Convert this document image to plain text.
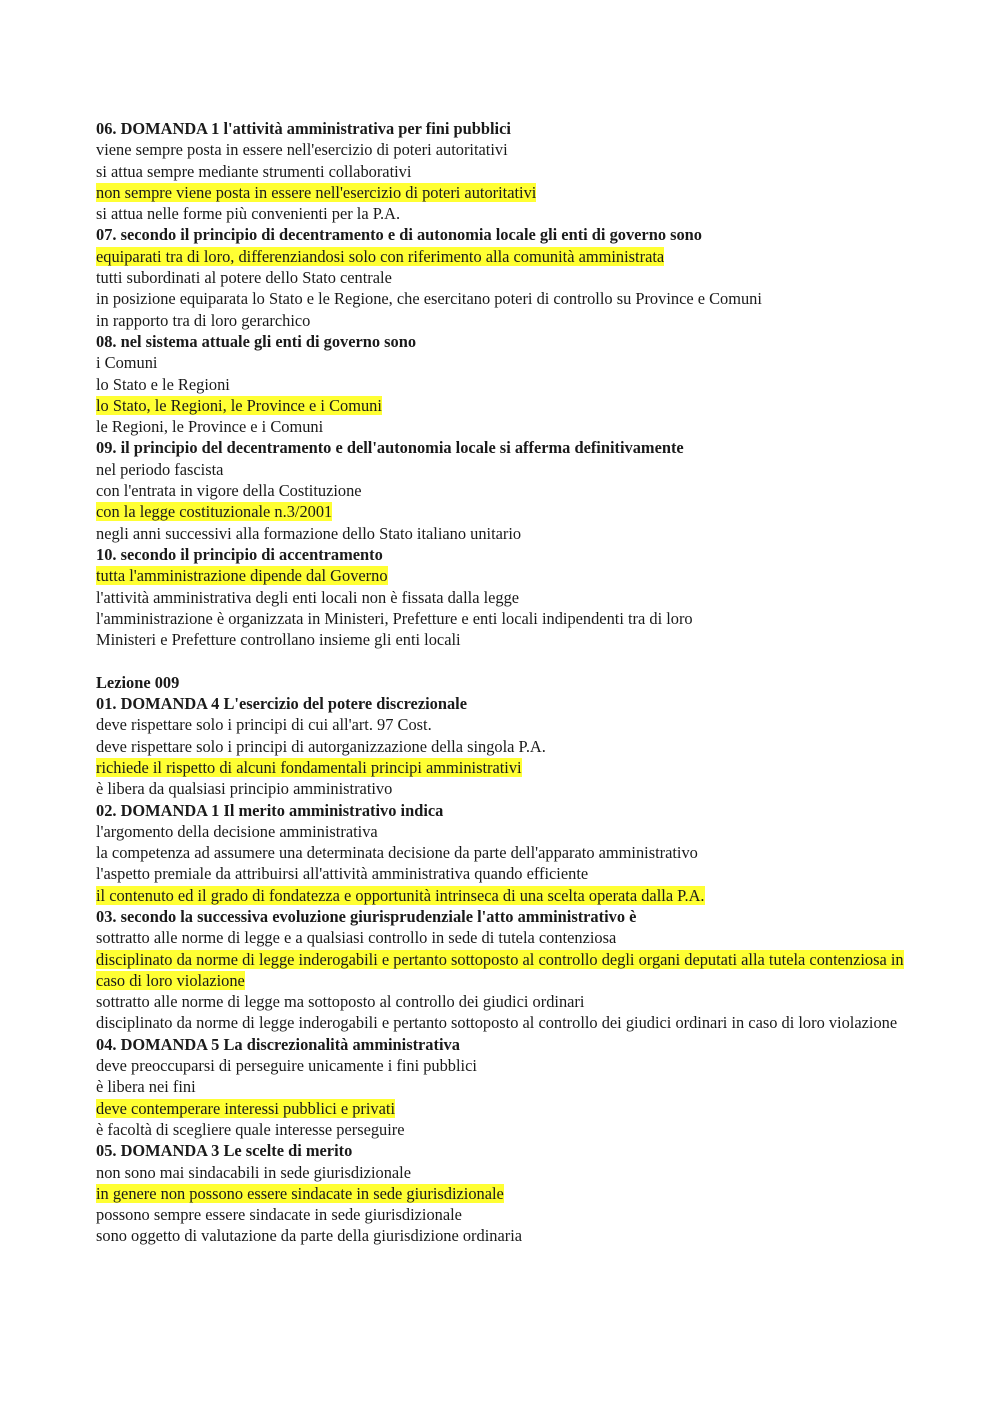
06. DOMANDA 1 l'attività amministrativa per fini pubblici
viene sempre posta in essere nell'esercizio di poteri autoritativi
si attua sempre mediante strumenti collaborativi
non sempre viene posta in essere nell'esercizio di poteri autoritativi
si attua nelle forme più convenienti per la P.A.
07. secondo il principio di decentramento e di autonomia locale gli enti di governo sono
equiparati tra di loro, differenziandosi solo con riferimento alla comunità amministrata
tutti subordinati al potere dello Stato centrale
in posizione equiparata lo Stato e le Regione, che esercitano poteri di controllo su Province e Comuni
in rapporto tra di loro gerarchico
08. nel sistema attuale gli enti di governo sono
i Comuni
lo Stato e le Regioni
lo Stato, le Regioni, le Province e i Comuni
le Regioni, le Province e i Comuni
09. il principio del decentramento e dell'autonomia locale si afferma definitivamente
nel periodo fascista
con l'entrata in vigore della Costituzione
con la legge costituzionale n.3/2001
negli anni successivi alla formazione dello Stato italiano unitario
10. secondo il principio di accentramento
tutta l'amministrazione dipende dal Governo
l'attività amministrativa degli enti locali non è fissata dalla legge
l'amministrazione è organizzata in Ministeri, Prefetture e enti locali indipendenti tra di loro
Ministeri e Prefetture controllano insieme gli enti locali
Lezione 009
01. DOMANDA 4 L'esercizio del potere discrezionale
deve rispettare solo i principi di cui all'art. 97 Cost.
deve rispettare solo i principi di autorganizzazione della singola P.A.
richiede il rispetto di alcuni fondamentali principi amministrativi
è libera da qualsiasi principio amministrativo
02. DOMANDA 1 Il merito amministrativo indica
l'argomento della decisione amministrativa
la competenza ad assumere una determinata decisione da parte dell'apparato amministrativo
l'aspetto premiale da attribuirsi all'attività amministrativa quando efficiente
il contenuto ed il grado di fondatezza e opportunità intrinseca di una scelta operata dalla P.A.
03. secondo la successiva evoluzione giurisprudenziale l'atto amministrativo è
sottratto alle norme di legge e a qualsiasi controllo in sede di tutela contenziosa
disciplinato da norme di legge inderogabili e pertanto sottoposto al controllo degli organi deputati alla tutela contenziosa in caso di loro violazione
sottratto alle norme di legge ma sottoposto al controllo dei giudici ordinari
disciplinato da norme di legge inderogabili e pertanto sottoposto al controllo dei giudici ordinari in caso di loro violazione
04. DOMANDA 5 La discrezionalità amministrativa
deve preoccuparsi di perseguire unicamente i fini pubblici
è libera nei fini
deve contemperare interessi pubblici e privati
è facoltà di scegliere quale interesse perseguire
05. DOMANDA 3 Le scelte di merito
non sono mai sindacabili in sede giurisdizionale
in genere non possono essere sindacate in sede giurisdizionale
possono sempre essere sindacate in sede giurisdizionale
sono oggetto di valutazione da parte della giurisdizione ordinaria
